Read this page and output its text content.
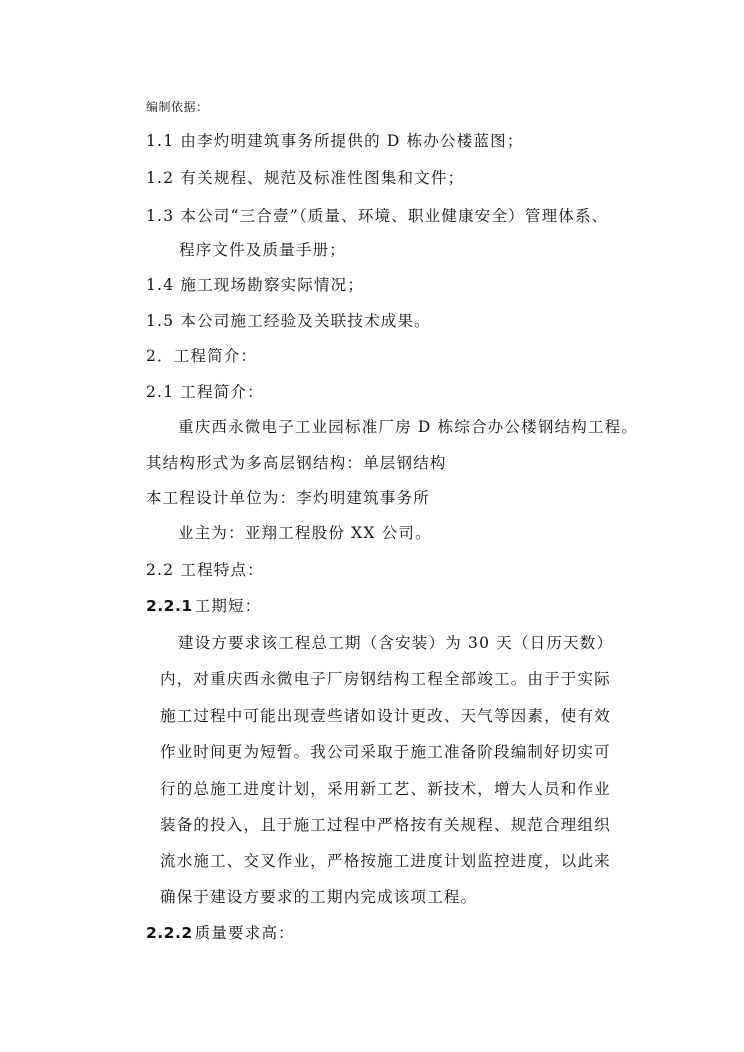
编制依据：
1.1 由李灼明建筑事务所提供的 D 栋办公楼蓝图；
1.2 有关规程、规范及标准性图集和文件；
1.3 本公司“三合壹”（质量、环境、职业健康安全）管理体系、
程序文件及质量手册；
1.4 施工现场勘察实际情况；
1.5 本公司施工经验及关联技术成果。
2．工程简介：
2.1 工程简介：
重庆西永微电子工业园标准厂房 D 栋综合办公楼钢结构工程。
其结构形式为多高层钢结构：单层钢结构
本工程设计单位为：李灼明建筑事务所
业主为：亚翔工程股份 XX 公司。
2.2 工程特点：
2.2.1 工期短：
建设方要求该工程总工期（含安装）为 30 天（日历天数）
内，对重庆西永微电子厂房钢结构工程全部竣工。由于于实际
施工过程中可能出现壹些诸如设计更改、天气等因素，使有效
作业时间更为短暂。我公司采取于施工准备阶段编制好切实可
行的总施工进度计划，采用新工艺、新技术，增大人员和作业
装备的投入，且于施工过程中严格按有关规程、规范合理组织
流水施工、交叉作业，严格按施工进度计划监控进度，以此来
确保于建设方要求的工期内完成该项工程。
2.2.2 质量要求高：
